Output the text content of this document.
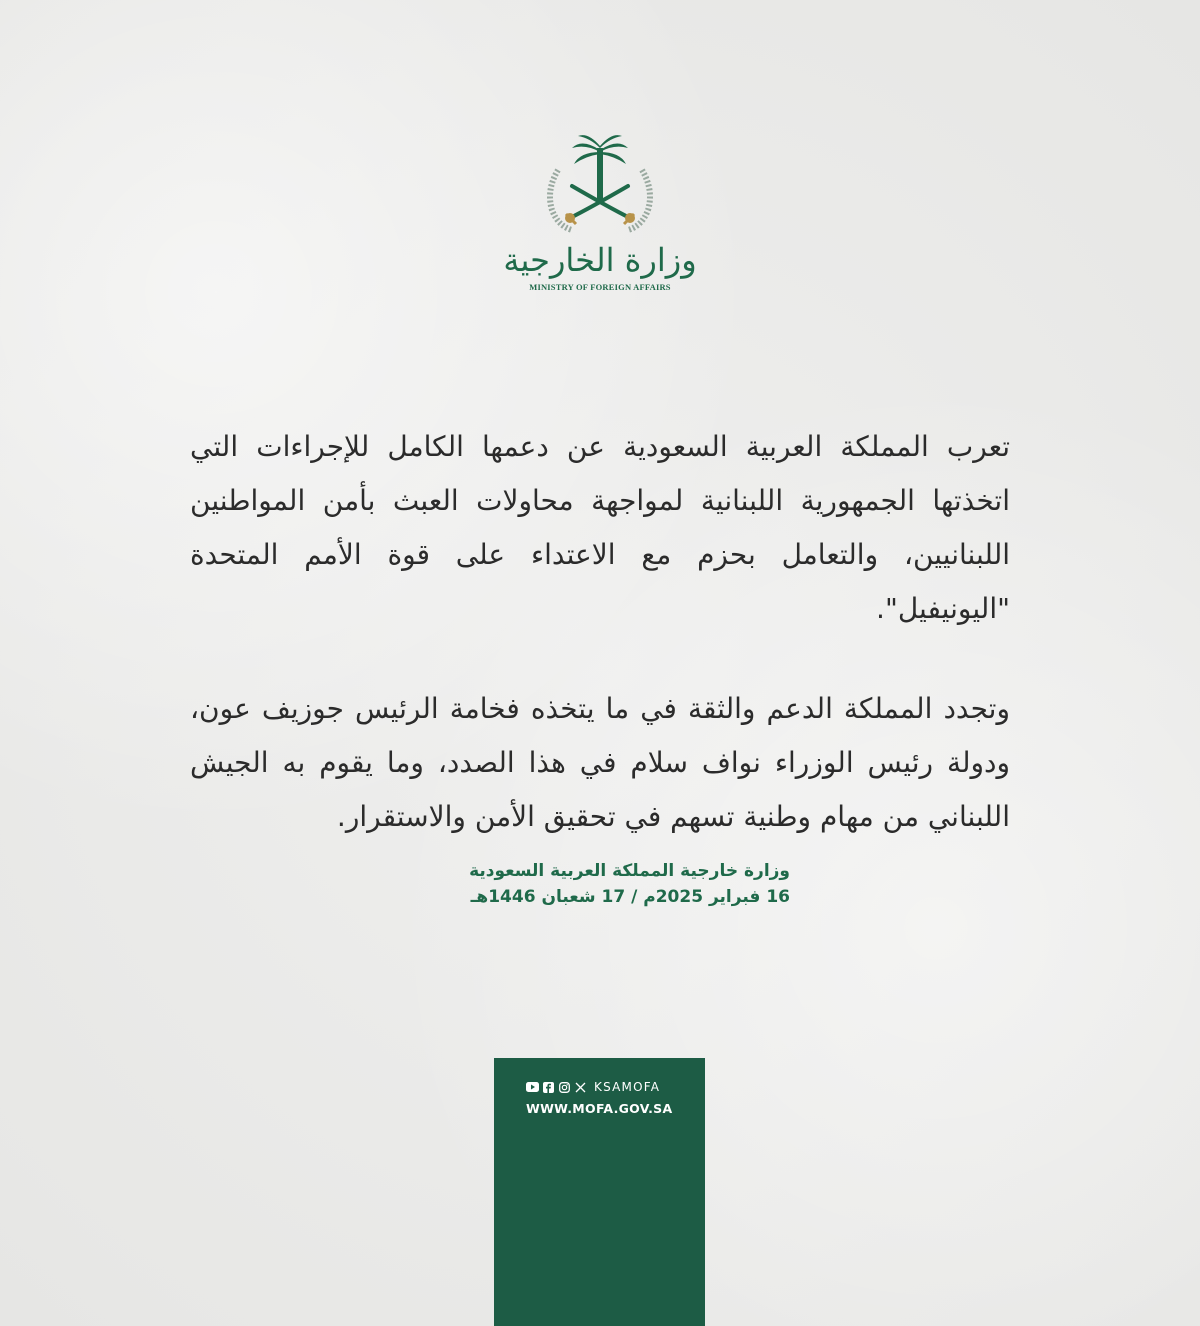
وزارة الخارجية
MINISTRY OF FOREIGN AFFAIRS

تعرب المملكة العربية السعودية عن دعمها الكامل للإجراءات التي اتخذتها الجمهورية اللبنانية لمواجهة محاولات العبث بأمن المواطنين اللبنانيين، والتعامل بحزم مع الاعتداء على قوة الأمم المتحدة "اليونيفيل".

وتجدد المملكة الدعم والثقة في ما يتخذه فخامة الرئيس جوزيف عون، ودولة رئيس الوزراء نواف سلام في هذا الصدد، وما يقوم به الجيش اللبناني من مهام وطنية تسهم في تحقيق الأمن والاستقرار.

وزارة خارجية المملكة العربية السعودية
16 فبراير 2025م / 17 شعبان 1446هـ
KSAMOFA
WWW.MOFA.GOV.SA
